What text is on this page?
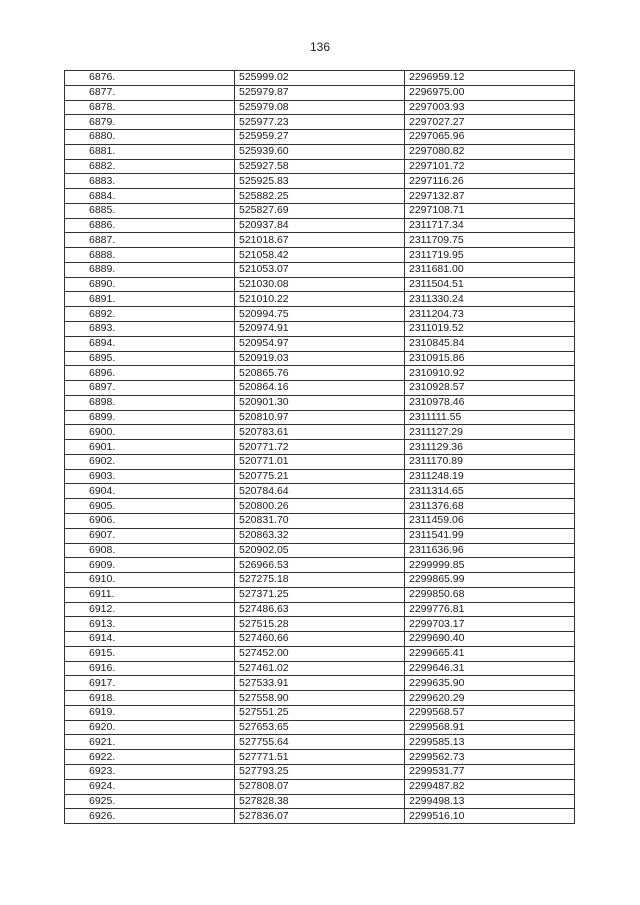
136
6876.	525999.02	2296959.12
6877.	525979.87	2296975.00
6878.	525979.08	2297003.93
6879.	525977.23	2297027.27
6880.	525959.27	2297065.96
6881.	525939.60	2297080.82
6882.	525927.58	2297101.72
6883.	525925.83	2297116.26
6884.	525882.25	2297132.87
6885.	525827.69	2297108.71
6886.	520937.84	2311717.34
6887.	521018.67	2311709.75
6888.	521058.42	2311719.95
6889.	521053.07	2311681.00
6890.	521030.08	2311504.51
6891.	521010.22	2311330.24
6892.	520994.75	2311204.73
6893.	520974.91	2311019.52
6894.	520954.97	2310845.84
6895.	520919.03	2310915.86
6896.	520865.76	2310910.92
6897.	520864.16	2310928.57
6898.	520901.30	2310978.46
6899.	520810.97	2311111.55
6900.	520783.61	2311127.29
6901.	520771.72	2311129.36
6902.	520771.01	2311170.89
6903.	520775.21	2311248.19
6904.	520784.64	2311314.65
6905.	520800.26	2311376.68
6906.	520831.70	2311459.06
6907.	520863.32	2311541.99
6908.	520902.05	2311636.96
6909.	526966.53	2299999.85
6910.	527275.18	2299865.99
6911.	527371.25	2299850.68
6912.	527486.63	2299776.81
6913.	527515.28	2299703.17
6914.	527460.66	2299690.40
6915.	527452.00	2299665.41
6916.	527461.02	2299646.31
6917.	527533.91	2299635.90
6918.	527558.90	2299620.29
6919.	527551.25	2299568.57
6920.	527653.65	2299568.91
6921.	527755.64	2299585.13
6922.	527771.51	2299562.73
6923.	527793.25	2299531.77
6924.	527808.07	2299487.82
6925.	527828.38	2299498.13
6926.	527836.07	2299516.10
